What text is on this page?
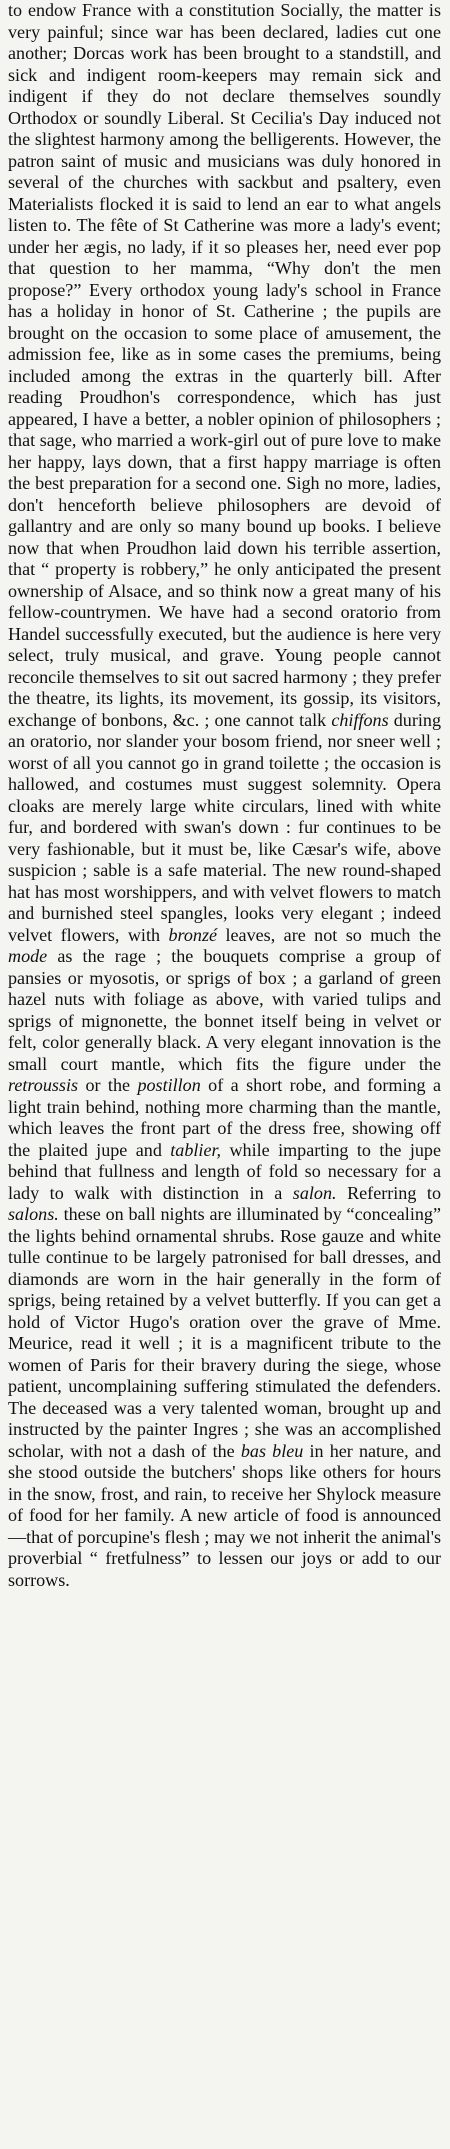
to endow France with a constitution Socially, the matter is very painful; since war has been declared, ladies cut one another; Dorcas work has been brought to a standstill, and sick and indigent room-keepers may remain sick and indigent if they do not declare themselves soundly Orthodox or soundly Liberal. St Cecilia's Day induced not the slightest harmony among the belligerents. However, the patron saint of music and musicians was duly honored in several of the churches with sackbut and psaltery, even Materialists flocked it is said to lend an ear to what angels listen to. The fête of St Catherine was more a lady's event; under her ægis, no lady, if it so pleases her, need ever pop that question to her mamma, “Why don't the men propose?” Every orthodox young lady's school in France has a holiday in honor of St. Catherine ; the pupils are brought on the occasion to some place of amusement, the admission fee, like as in some cases the premiums, being included among the extras in the quarterly bill. After reading Proudhon's correspondence, which has just appeared, I have a better, a nobler opinion of philosophers ; that sage, who married a work-girl out of pure love to make her happy, lays down, that a first happy marriage is often the best preparation for a second one. Sigh no more, ladies, don't henceforth believe philosophers are devoid of gallantry and are only so many bound up books. I believe now that when Proudhon laid down his terrible assertion, that “ property is robbery,” he only anticipated the present ownership of Alsace, and so think now a great many of his fellow-countrymen. We have had a second oratorio from Handel successfully executed, but the audience is here very select, truly musical, and grave. Young people cannot reconcile themselves to sit out sacred harmony ; they prefer the theatre, its lights, its movement, its gossip, its visitors, exchange of bonbons, &c. ; one cannot talk chiffons during an oratorio, nor slander your bosom friend, nor sneer well ; worst of all you cannot go in grand toilette ; the occasion is hallowed, and costumes must suggest solemnity. Opera cloaks are merely large white circulars, lined with white fur, and bordered with swan's down : fur continues to be very fashionable, but it must be, like Cæsar's wife, above suspicion ; sable is a safe material. The new round-shaped hat has most worshippers, and with velvet flowers to match and burnished steel spangles, looks very elegant ; indeed velvet flowers, with bronzé leaves, are not so much the mode as the rage ; the bouquets comprise a group of pansies or myosotis, or sprigs of box ; a garland of green hazel nuts with foliage as above, with varied tulips and sprigs of mignonette, the bonnet itself being in velvet or felt, color generally black. A very elegant innovation is the small court mantle, which fits the figure under the retroussis or the postillon of a short robe, and forming a light train behind, nothing more charming than the mantle, which leaves the front part of the dress free, showing off the plaited jupe and tablier, while imparting to the jupe behind that fullness and length of fold so necessary for a lady to walk with distinction in a salon. Referring to salons. these on ball nights are illuminated by “concealing” the lights behind ornamental shrubs. Rose gauze and white tulle continue to be largely patronised for ball dresses, and diamonds are worn in the hair generally in the form of sprigs, being retained by a velvet butterfly. If you can get a hold of Victor Hugo's oration over the grave of Mme. Meurice, read it well ; it is a magnificent tribute to the women of Paris for their bravery during the siege, whose patient, uncomplaining suffering stimulated the defenders. The deceased was a very talented woman, brought up and instructed by the painter Ingres ; she was an accomplished scholar, with not a dash of the bas bleu in her nature, and she stood outside the butchers' shops like others for hours in the snow, frost, and rain, to receive her Shylock measure of food for her family. A new article of food is announced—that of porcupine's flesh ; may we not inherit the animal's proverbial “ fretfulness” to lessen our joys or add to our sorrows.
